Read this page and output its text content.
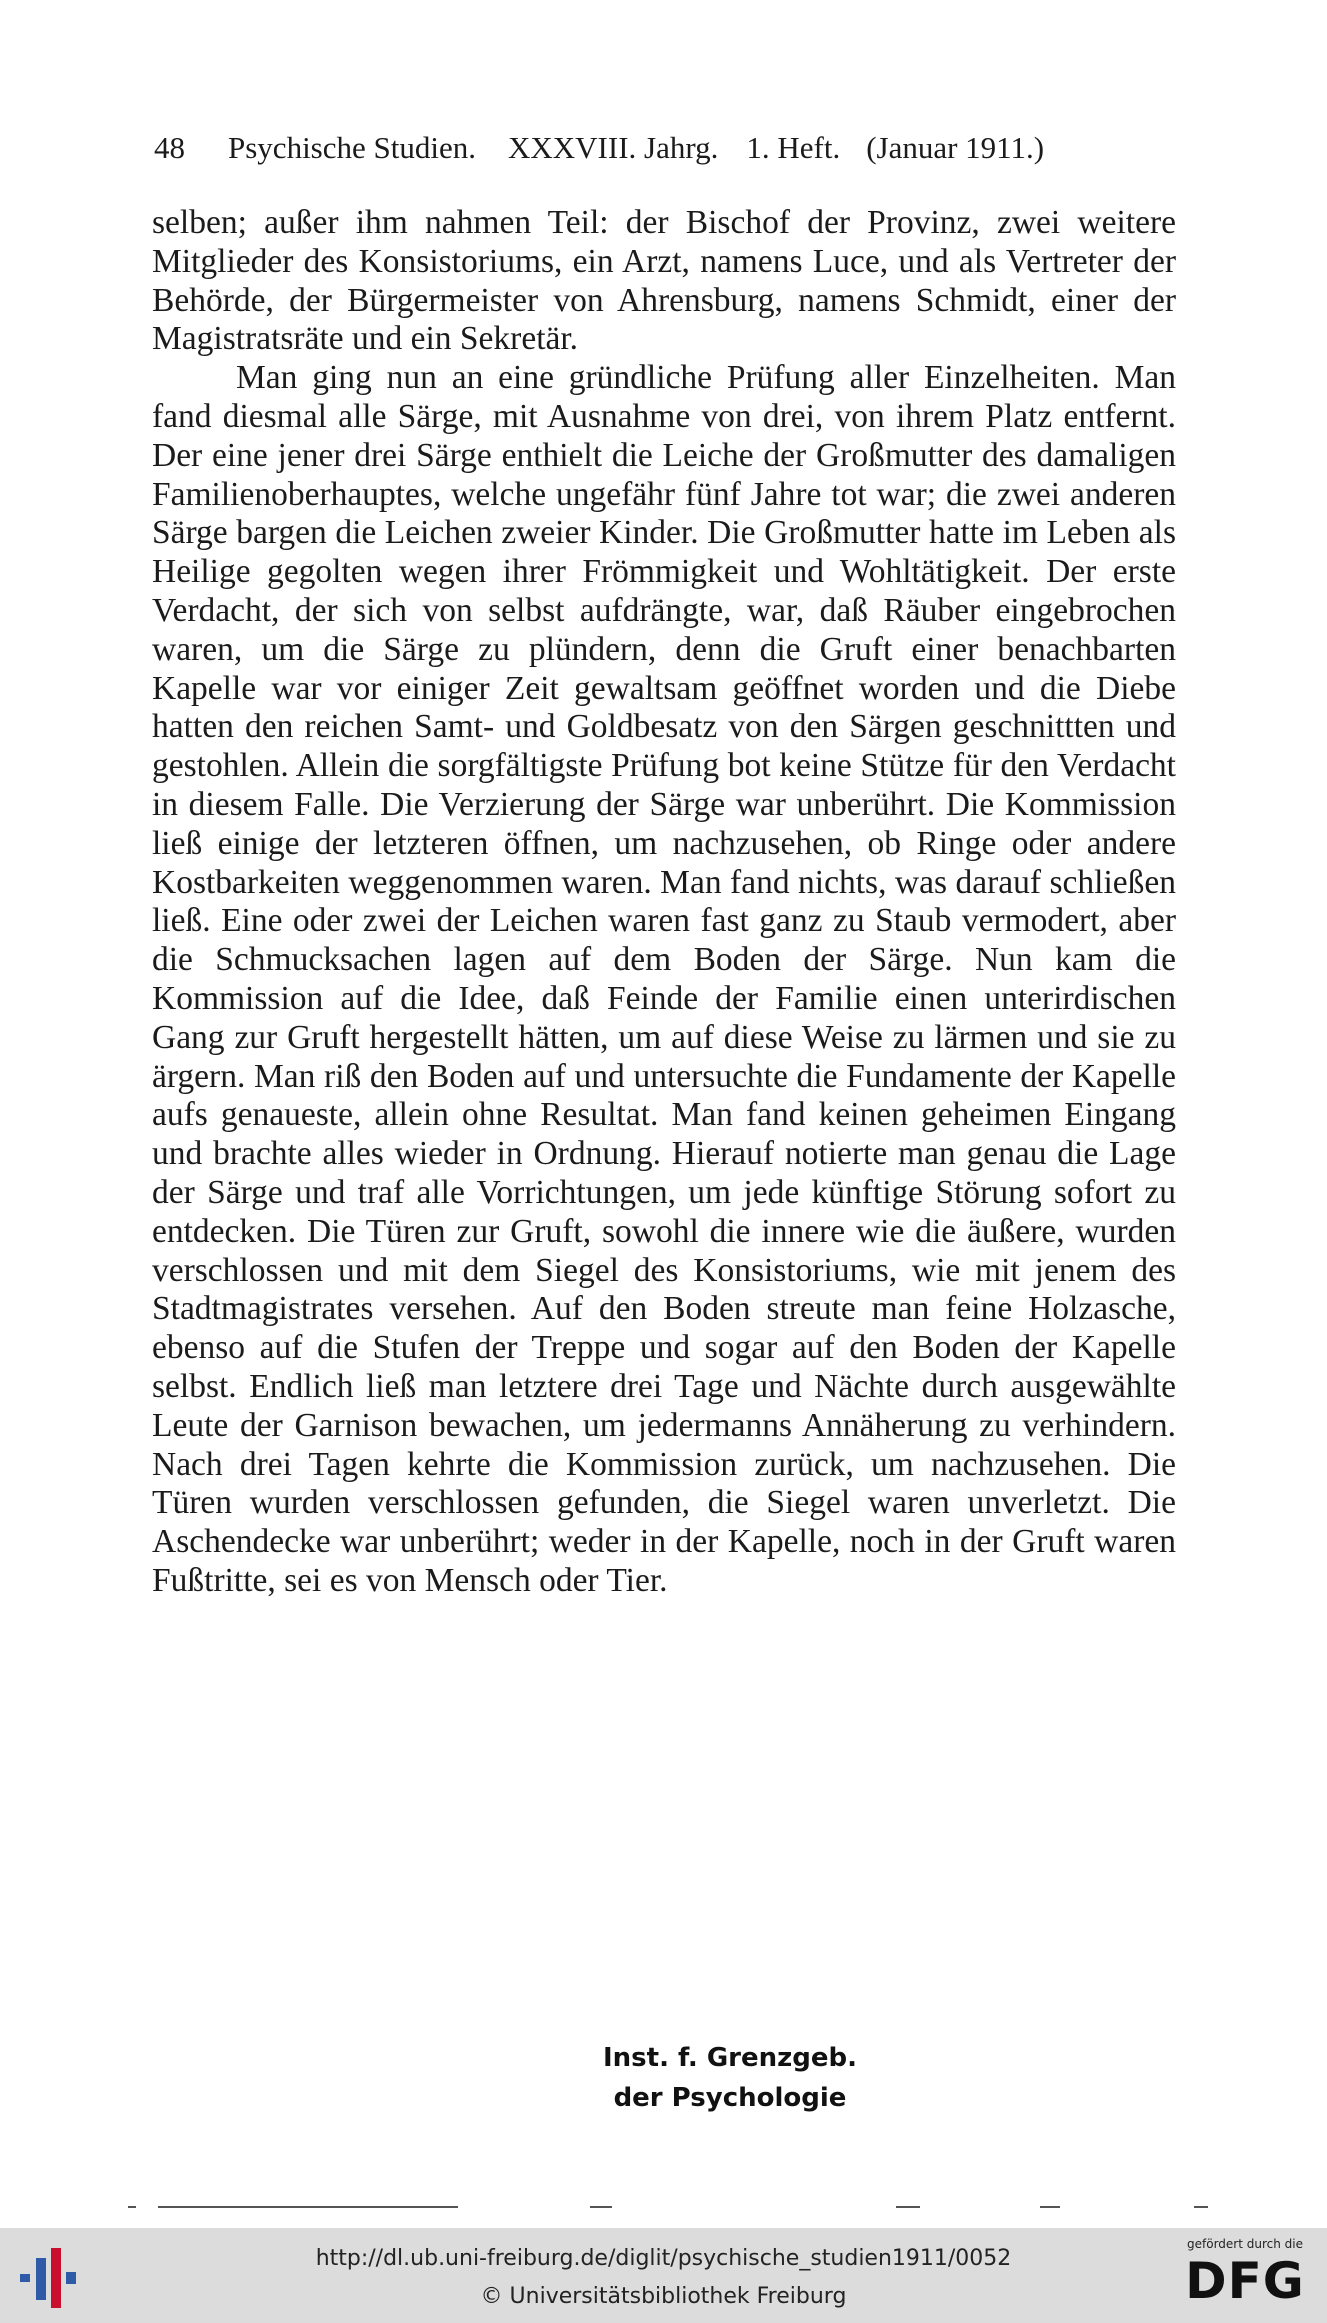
48	Psychische Studien. XXXVIII. Jahrg. 1. Heft. (Januar 1911.)

selben; außer ihm nahmen Teil: der Bischof der Provinz, zwei weitere Mitglieder des Konsistoriums, ein Arzt, namens Luce, und als Vertreter der Behörde, der Bürgermeister von Ahrensburg, namens Schmidt, einer der Magistratsräte und ein Sekretär.

Man ging nun an eine gründliche Prüfung aller Einzelheiten. Man fand diesmal alle Särge, mit Ausnahme von drei, von ihrem Platz entfernt. Der eine jener drei Särge enthielt die Leiche der Großmutter des damaligen Familienoberhauptes, welche ungefähr fünf Jahre tot war; die zwei anderen Särge bargen die Leichen zweier Kinder. Die Großmutter hatte im Leben als Heilige gegolten wegen ihrer Frömmigkeit und Wohltätigkeit. Der erste Verdacht, der sich von selbst aufdrängte, war, daß Räuber eingebrochen waren, um die Särge zu plündern, denn die Gruft einer benachbarten Kapelle war vor einiger Zeit gewaltsam geöffnet worden und die Diebe hatten den reichen Samt- und Goldbesatz von den Särgen geschnittten und gestohlen. Allein die sorgfältigste Prüfung bot keine Stütze für den Verdacht in diesem Falle. Die Verzierung der Särge war unberührt. Die Kommission ließ einige der letzteren öffnen, um nachzusehen, ob Ringe oder andere Kostbarkeiten weggenommen waren. Man fand nichts, was darauf schließen ließ. Eine oder zwei der Leichen waren fast ganz zu Staub vermodert, aber die Schmucksachen lagen auf dem Boden der Särge. Nun kam die Kommission auf die Idee, daß Feinde der Familie einen unterirdischen Gang zur Gruft hergestellt hätten, um auf diese Weise zu lärmen und sie zu ärgern. Man riß den Boden auf und untersuchte die Fundamente der Kapelle aufs genaueste, allein ohne Resultat. Man fand keinen geheimen Eingang und brachte alles wieder in Ordnung. Hierauf notierte man genau die Lage der Särge und traf alle Vorrichtungen, um jede künftige Störung sofort zu entdecken. Die Türen zur Gruft, sowohl die innere wie die äußere, wurden verschlossen und mit dem Siegel des Konsistoriums, wie mit jenem des Stadtmagistrates versehen. Auf den Boden streute man feine Holzasche, ebenso auf die Stufen der Treppe und sogar auf den Boden der Kapelle selbst. Endlich ließ man letztere drei Tage und Nächte durch ausgewählte Leute der Garnison bewachen, um jedermanns Annäherung zu verhindern. Nach drei Tagen kehrte die Kommission zurück, um nachzusehen. Die Türen wurden verschlossen gefunden, die Siegel waren unverletzt. Die Aschendecke war unberührt; weder in der Kapelle, noch in der Gruft waren Fußtritte, sei es von Mensch oder Tier.

Inst. f. Grenzgeb.
der Psychologie
http://dl.ub.uni-freiburg.de/diglit/psychische_studien1911/0052
© Universitätsbibliothek Freiburg
gefördert durch die
DFG
